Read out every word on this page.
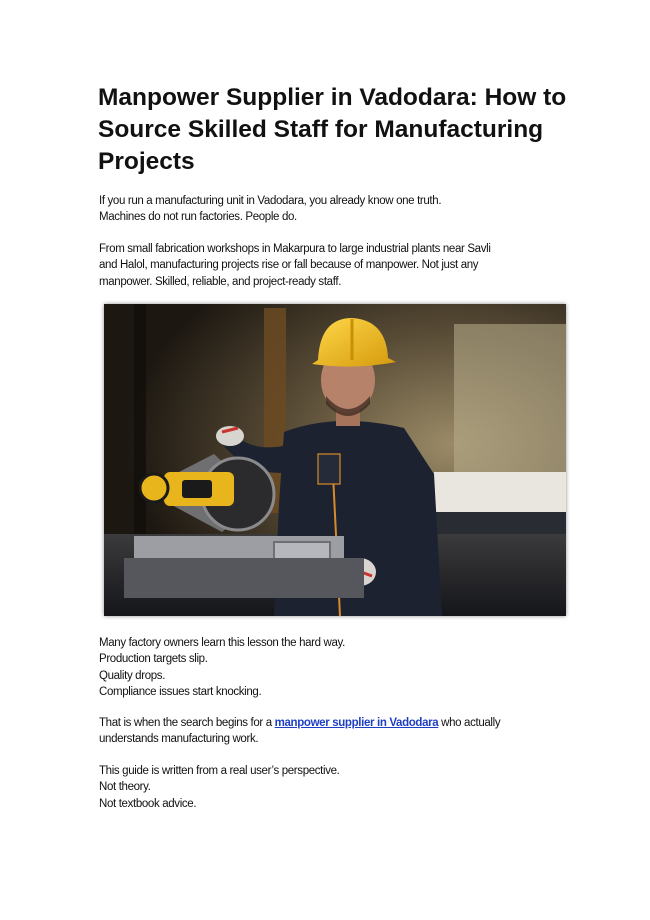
Manpower Supplier in Vadodara: How to Source Skilled Staff for Manufacturing Projects

If you run a manufacturing unit in Vadodara, you already know one truth.
Machines do not run factories. People do.

From small fabrication workshops in Makarpura to large industrial plants near Savli
and Halol, manufacturing projects rise or fall because of manpower. Not just any
manpower. Skilled, reliable, and project-ready staff.

Many factory owners learn this lesson the hard way.
Production targets slip.
Quality drops.
Compliance issues start knocking.

That is when the search begins for a manpower supplier in Vadodara who actually
understands manufacturing work.

This guide is written from a real user’s perspective.
Not theory.
Not textbook advice.
